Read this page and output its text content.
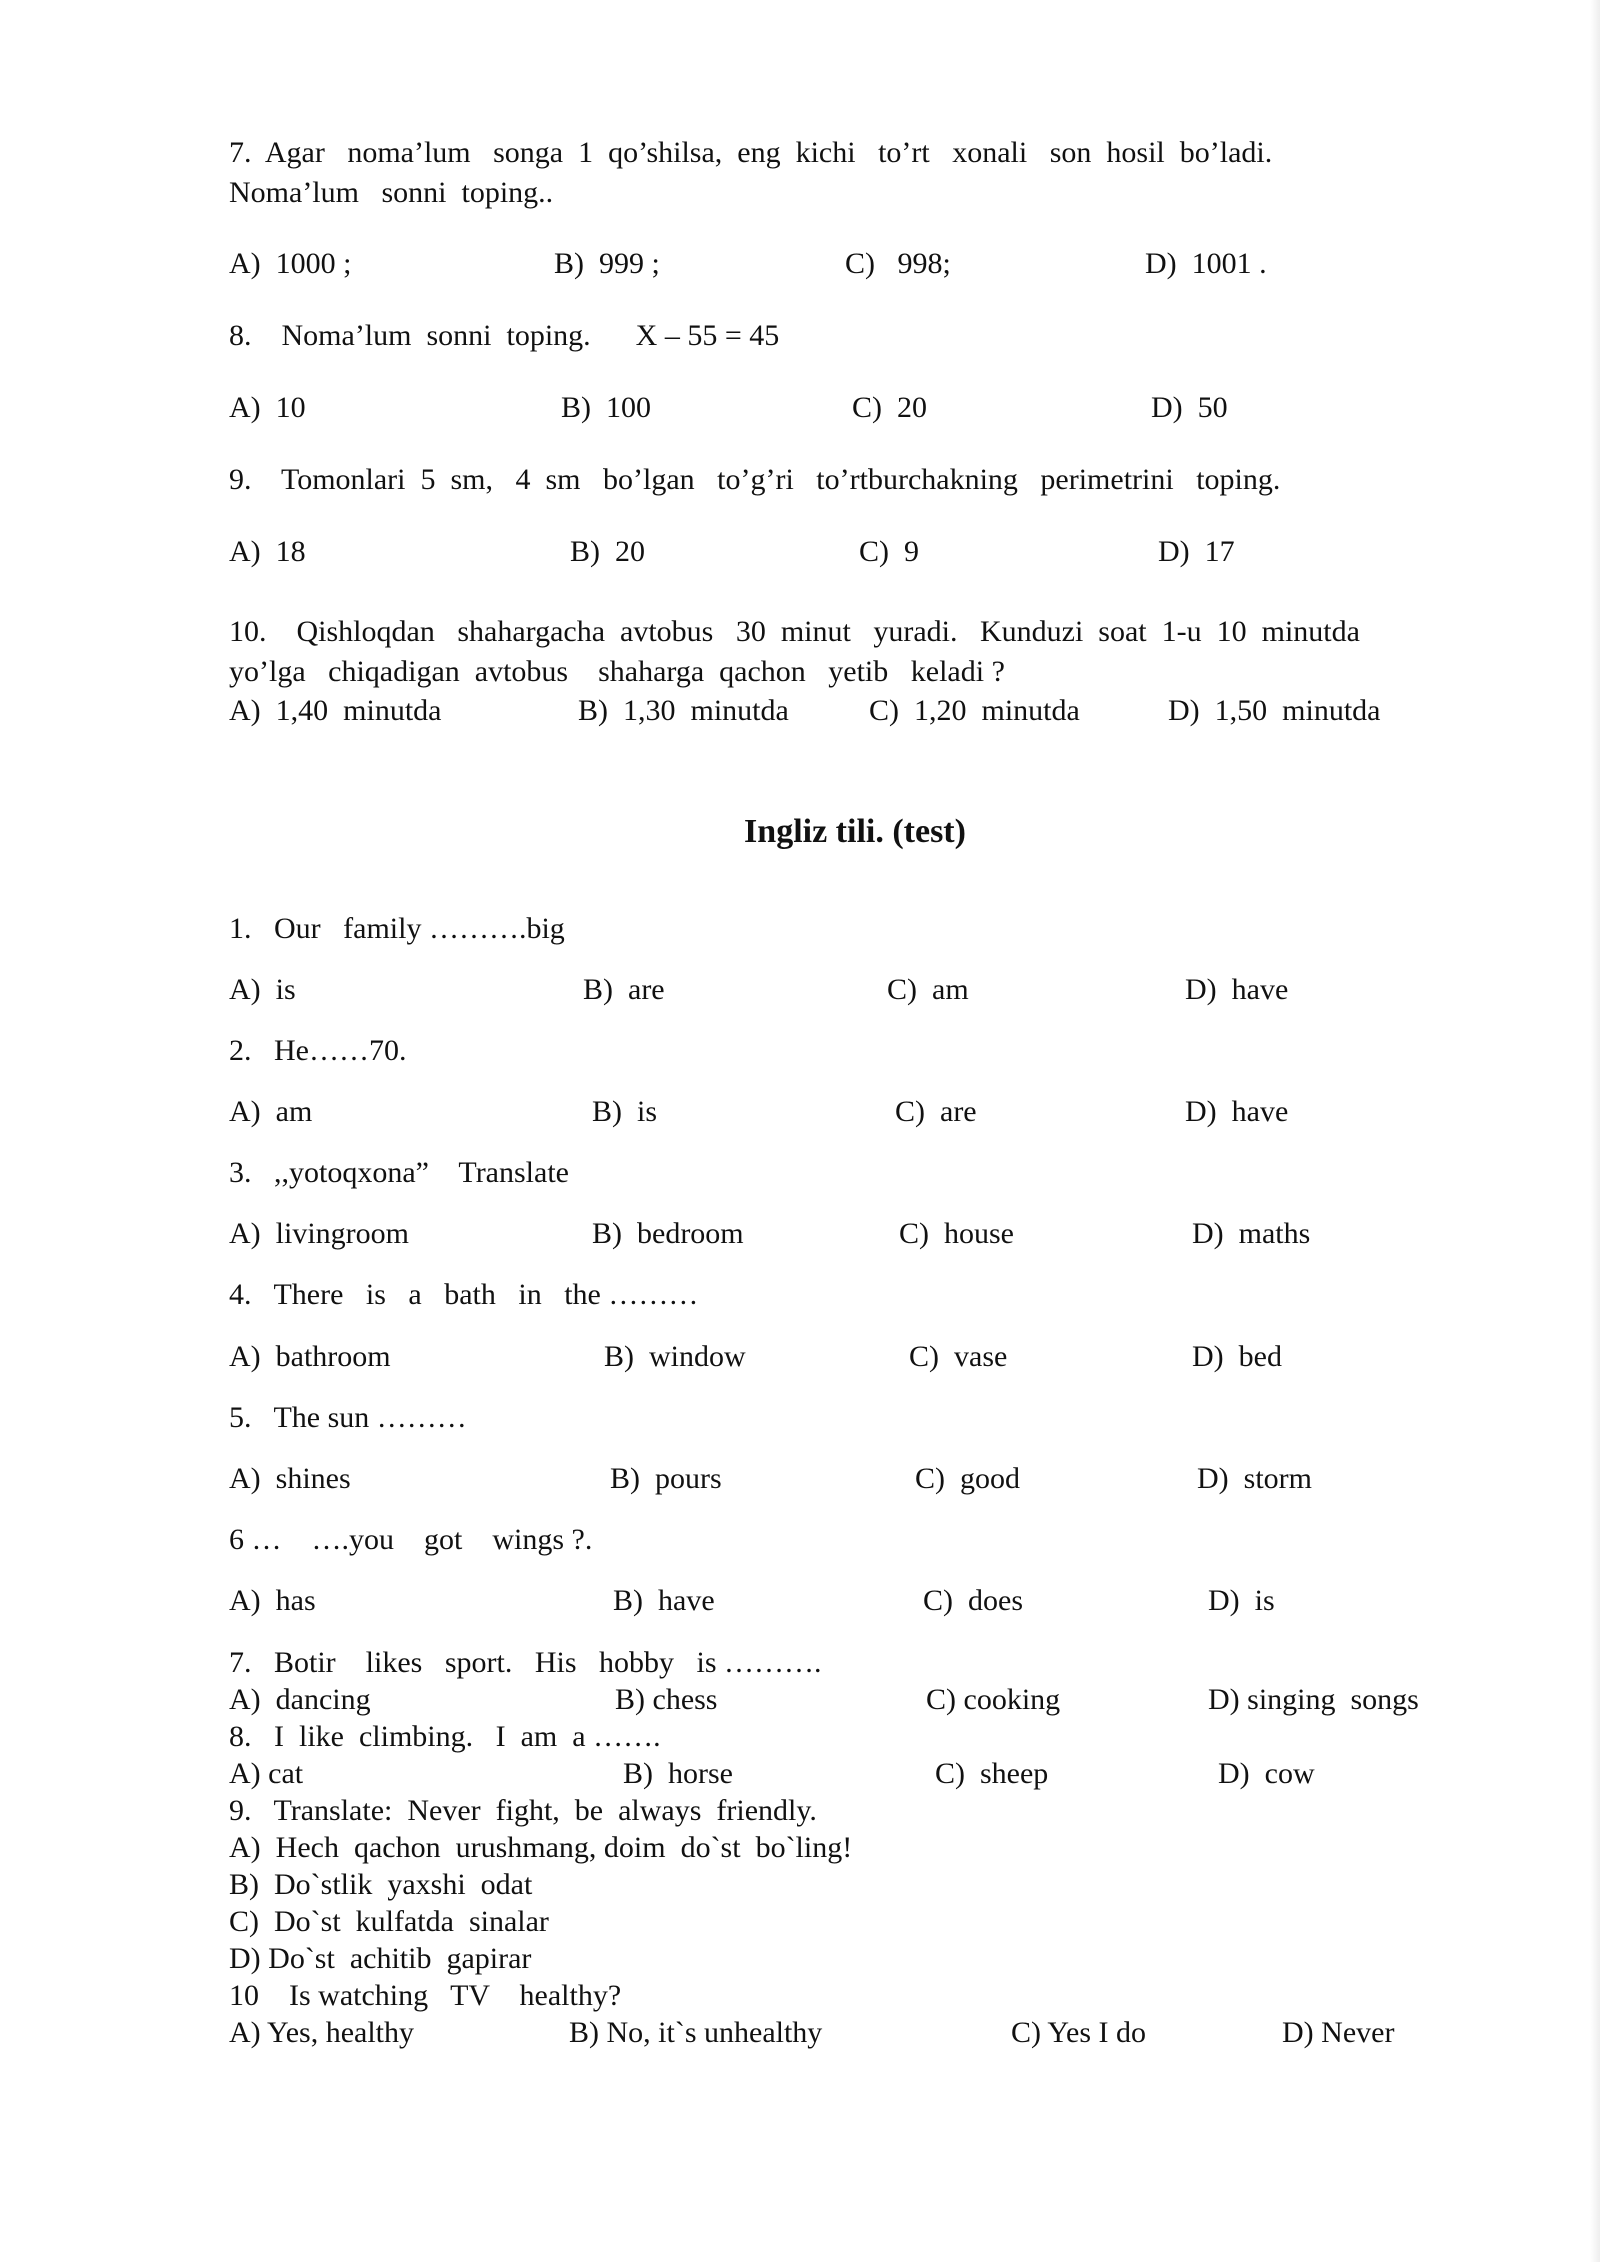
7.  Agar   noma’lum   songa  1  qo’shilsa,  eng  kichi   to’rt   xonali   son  hosil  bo’ladi.
Noma’lum   sonni  toping..
A)  1000 ;	B)  999 ;	C)   998;	D)  1001 .
8.    Noma’lum  sonni  toping.      X – 55 = 45
A)  10	B)  100	C)  20	D)  50
9.    Tomonlari  5  sm,   4  sm   bo’lgan   to’g’ri   to’rtburchakning   perimetrini   toping.
A)  18	B)  20	C)  9	D)  17
10.    Qishloqdan   shahargacha  avtobus   30  minut   yuradi.   Kunduzi  soat  1-u  10  minutda
yo’lga   chiqadigan  avtobus    shaharga  qachon   yetib   keladi ?
A)  1,40  minutda	B)  1,30  minutda	C)  1,20  minutda	D)  1,50  minutda
Ingliz tili. (test)
1.   Our   family ……….big
A)  is	B)  are	C)  am	D)  have
2.   He……70.
A)  am	B)  is	C)  are	D)  have
3.   ,,yotoqxona”    Translate
A)  livingroom	B)  bedroom	C)  house	D)  maths
4.   There   is   a   bath   in   the ………
A)  bathroom	B)  window	C)  vase	D)  bed
5.   The sun ………
A)  shines	B)  pours	C)  good	D)  storm
6 …    ….you    got    wings ?.
A)  has	B)  have	C)  does	D)  is
7.   Botir    likes   sport.   His   hobby   is ……….
A)  dancing	B) chess	C) cooking	D) singing  songs
8.   I  like  climbing.   I  am  a …….
A) cat	B)  horse	C)  sheep	D)  cow
9.   Translate:  Never  fight,  be  always  friendly.
A)  Hech  qachon  urushmang, doim  do`st  bo`ling!
B)  Do`stlik  yaxshi  odat
C)  Do`st  kulfatda  sinalar
D) Do`st  achitib  gapirar
10    Is watching   TV    healthy?
A) Yes, healthy	B) No, it`s unhealthy	C) Yes I do	D) Never
